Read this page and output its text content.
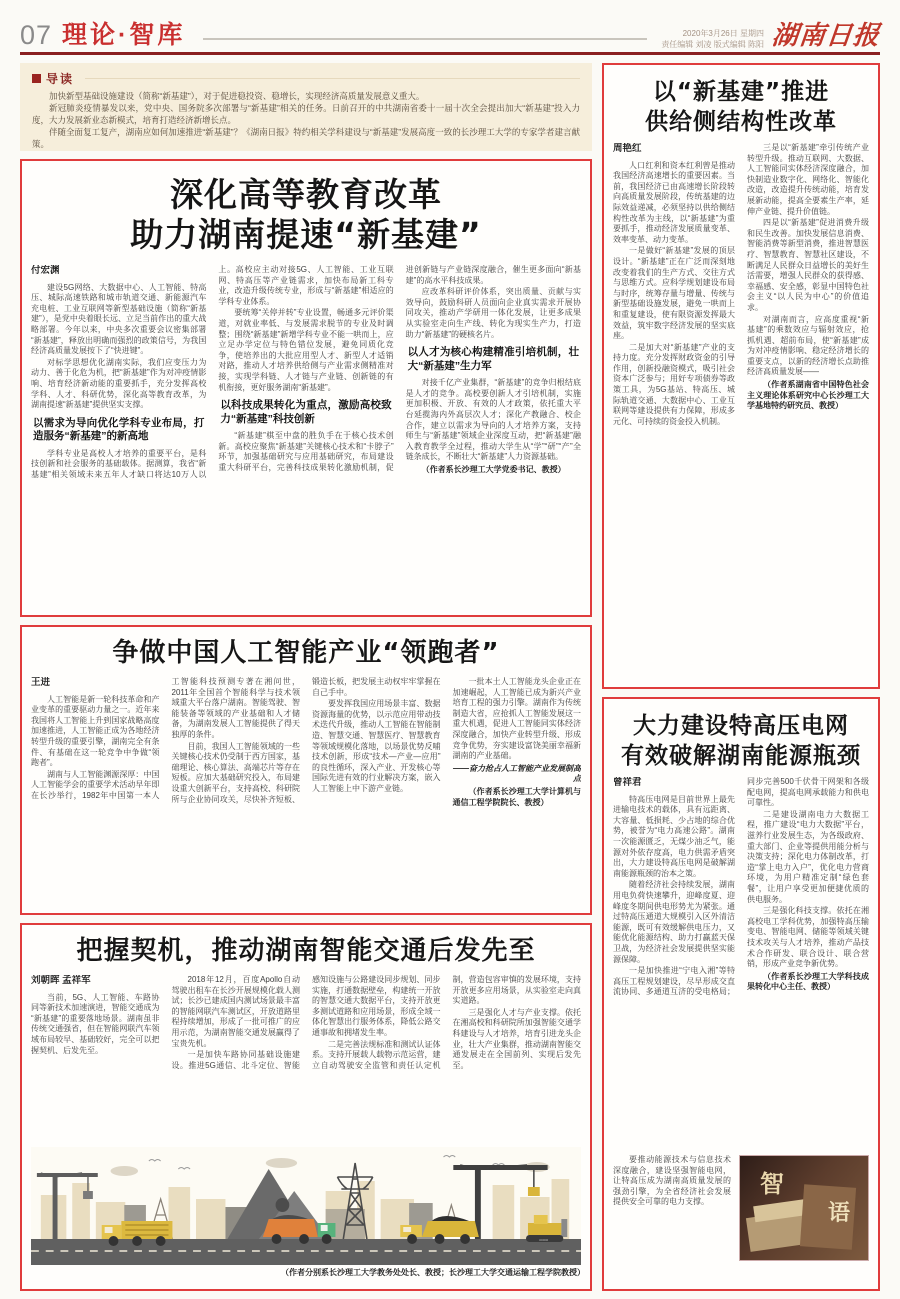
07 理论·智库	2020年3月26日 星期四
责任编辑 刘凌 版式编辑 陈阳 湖南日报
导读
加快新型基础设施建设（简称“新基建”），对于促进稳投资、稳增长，实现经济高质量发展意义重大。
新冠肺炎疫情暴发以来，党中央、国务院多次部署与“新基建”相关的任务。日前召开的中共湖南省委十一届十次全会提出加大“新基建”投入力度，大力发展新业态新模式，培育打造经济新增长点。
伴随全面复工复产，湖南应如何加速推进“新基建”？《湖南日报》特约相关学科建设与“新基建”发展高度一致的长沙理工大学的专家学者建言献策。
深化高等教育改革
助力湖南提速“新基建”
付宏渊
建设5G网络、大数据中心、人工智能、特高压、城际高速铁路和城市轨道交通、新能源汽车充电桩、工业互联网等新型基础设施（简称“新基建”），是党中央着眼长远、立足当前作出的重大战略部署。今年以来，中央多次重要会议密集部署“新基建”，释放出明确而强烈的政策信号，为我国经济高质量发展按下了“快进键”。
对标学思想优化湖南实际，我们应变压力为动力、善于化危为机，把“新基建”作为对冲疫情影响、培育经济新动能的重要抓手，充分发挥高校学科、人才、科研优势，深化高等教育改革，为湖南提速“新基建”提供坚实支撑。
以需求为导向优化学科专业布局，打造服务“新基建”的新高地
学科专业是高校人才培养的重要平台，是科技创新和社会服务的基础载体。据测算，我省“新基建”相关领域未来五年人才缺口将达10万人以上。高校应主动对接5G、人工智能、工业互联网、特高压等产业链需求，加快布局新工科专业，改造升级传统专业，形成与“新基建”相适应的学科专业体系。
要统筹“关停并转”专业设置，畅通多元评价渠道，对就业率低、与发展需求脱节的专业及时调整；围绕“新基建”新增学科专业不能一哄而上，应立足办学定位与特色错位发展，避免同质化竞争，使培养出的大批应用型人才、新型人才适销对路，推动人才培养供给侧与产业需求侧精准对接，实现学科链、人才链与产业链、创新链的有机衔接，更好服务湖南“新基建”。
以科技成果转化为重点，激励高校致力“新基建”科技创新
“新基建”棋至中盘的胜负手在于核心技术创新。高校应聚焦“新基建”关键核心技术和“卡脖子”环节，加强基础研究与应用基础研究，布局建设重大科研平台，完善科技成果转化激励机制，促进创新链与产业链深度融合，催生更多面向“新基建”的高水平科技成果。
应改革科研评价体系，突出质量、贡献与实效导向，鼓励科研人员面向企业真实需求开展协同攻关，推动产学研用一体化发展，让更多成果从实验室走向生产线、转化为现实生产力，打造助力“新基建”的硬核名片。
以人才为核心构建精准引培机制，壮大“新基建”生力军
对接千亿产业集群，“新基建”的竞争归根结底是人才的竞争。高校要创新人才引培机制，实施更加积极、开放、有效的人才政策，依托重大平台延揽海内外高层次人才；深化产教融合、校企合作，建立以需求为导向的人才培养方案，支持师生与“新基建”领域企业深度互动，把“新基建”融入教育教学全过程，推动大学生从“学”“研”“产”全链条成长，不断壮大“新基建”人力资源基础。
（作者系长沙理工大学党委书记、教授）
争做中国人工智能产业“领跑者”
王进
人工智能是新一轮科技革命和产业变革的重要驱动力量之一。近年来我国将人工智能上升到国家战略高度加速推进，人工智能正成为各地经济转型升级的重要引擎，湖南完全有条件、有基础在这一轮竞争中争做“领跑者”。
湖南与人工智能渊源深厚：中国人工智能学会的重要学术活动早年即在长沙举行，1982年中国第一本人工智能科技预测专著在湘问世，2011年全国首个智能科学与技术领域重大平台落户湖南。智能驾驶、智能装备等领域的产业基础和人才储备，为湖南发展人工智能提供了得天独厚的条件。
目前，我国人工智能领域的一些关键核心技术仍受制于西方国家，基础理论、核心算法、高端芯片等存在短板。应加大基础研究投入，布局建设重大创新平台，支持高校、科研院所与企业协同攻关，尽快补齐短板、锻造长板，把发展主动权牢牢掌握在自己手中。
要发挥我国应用场景丰富、数据资源海量的优势，以示范应用带动技术迭代升级，推动人工智能在智能制造、智慧交通、智慧医疗、智慧教育等领域规模化落地，以场景优势反哺技术创新，形成“技术—产业—应用”的良性循环，深入产业、开发核心等国际先进有效的行业解决方案，嵌入人工智能上中下游产业链。
一批本土人工智能龙头企业正在加速崛起，人工智能已成为新兴产业培育工程的强力引擎。湖南作为传统制造大省，应抢抓人工智能发展这一重大机遇，促进人工智能同实体经济深度融合，加快产业转型升级、形成竞争优势，夯实建设富饶美丽幸福新湖南的产业基础。
——奋力抢占人工智能产业发展制高点
（作者系长沙理工大学计算机与通信工程学院院长、教授）
把握契机，推动湖南智能交通后发先至
刘朝晖 孟祥军
当前，5G、人工智能、车路协同等新技术加速演进，智能交通成为“新基建”的重要落地场景。湖南虽非传统交通强省，但在智能网联汽车领域布局较早、基础较好，完全可以把握契机、后发先至。
2018年12月，百度Apollo自动驾驶出租车在长沙开展规模化载人测试；长沙已建成国内测试场景最丰富的智能网联汽车测试区，开放道路里程持续增加，形成了一批可推广的应用示范，为湖南智能交通发展赢得了宝贵先机。
一是加快车路协同基础设施建设。推进5G通信、北斗定位、智能感知设施与公路建设同步规划、同步实施，打通数据壁垒，构建统一开放的智慧交通大数据平台，支持开放更多测试道路和应用场景，形成全域一体化智慧出行服务体系，降低公路交通事故和拥堵发生率。
二是完善法规标准和测试认证体系。支持开展载人载物示范运营，建立自动驾驶安全监管和责任认定机制，营造包容审慎的发展环境，支持开放更多应用场景，从实验室走向真实道路。
三是强化人才与产业支撑。依托在湘高校和科研院所加强智能交通学科建设与人才培养，培育引进龙头企业，壮大产业集群，推动湖南智能交通发展走在全国前列、实现后发先至。
oooo
（作者分别系长沙理工大学教务处处长、教授；长沙理工大学交通运输工程学院教授）
以“新基建”推进
供给侧结构性改革
周艳红
人口红利和资本红利曾是推动我国经济高速增长的重要因素。当前，我国经济已由高速增长阶段转向高质量发展阶段，传统基建的边际效益递减，必须坚持以供给侧结构性改革为主线，以“新基建”为重要抓手，推动经济发展质量变革、效率变革、动力变革。
一是做好“新基建”发展的顶层设计。“新基建”正在广泛而深刻地改变着我们的生产方式、交往方式与思维方式。应科学规划建设布局与时序，统筹存量与增量、传统与新型基础设施发展，避免一哄而上和重复建设，使有限资源发挥最大效益，筑牢数字经济发展的坚实底座。
二是加大对“新基建”产业的支持力度。充分发挥财政资金的引导作用，创新投融资模式，吸引社会资本广泛参与；用好专项债券等政策工具，为5G基站、特高压、城际轨道交通、大数据中心、工业互联网等建设提供有力保障，形成多元化、可持续的资金投入机制。
三是以“新基建”牵引传统产业转型升级。推动互联网、大数据、人工智能同实体经济深度融合，加快制造业数字化、网络化、智能化改造，改造提升传统动能，培育发展新动能，提高全要素生产率，延伸产业链、提升价值链。
四是以“新基建”促进消费升级和民生改善。加快发展信息消费、智能消费等新型消费，推进智慧医疗、智慧教育、智慧社区建设，不断满足人民群众日益增长的美好生活需要，增强人民群众的获得感、幸福感、安全感，彰显中国特色社会主义“以人民为中心”的价值追求。
对湖南而言，应高度重视“新基建”的乘数效应与辐射效应，抢抓机遇、超前布局，使“新基建”成为对冲疫情影响、稳定经济增长的重要支点，以新的经济增长点助推经济高质量发展——
（作者系湖南省中国特色社会主义理论体系研究中心长沙理工大学基地特约研究员、教授）
大力建设特高压电网
有效破解湖南能源瓶颈
曾祥君
特高压电网是目前世界上最先进输电技术的载体，具有远距离、大容量、低损耗、少占地的综合优势，被誉为“电力高速公路”。湖南一次能源匮乏，无煤少油乏气，能源对外依存度高，电力供需矛盾突出，大力建设特高压电网是破解湖南能源瓶颈的治本之策。
随着经济社会持续发展，湖南用电负荷快速攀升，迎峰度夏、迎峰度冬期间供电形势尤为紧张。通过特高压通道大规模引入区外清洁能源，既可有效缓解供电压力，又能优化能源结构、助力打赢蓝天保卫战，为经济社会发展提供坚实能源保障。
一是加快推进“宁电入湘”等特高压工程规划建设，尽早形成交直流协同、多通道互济的受电格局；同步完善500千伏骨干网架和各级配电网，提高电网承载能力和供电可靠性。
二是建设湖南电力大数据工程，推广建设“电力大数据”平台，滋养行业发展生态，为各级政府、重大部门、企业等提供用能分析与决策支持；深化电力体制改革，打造“掌上电力入户”，优化电力营商环境，为用户精准定制“绿色套餐”，让用户享受更加便捷优质的供电服务。
三是强化科技支撑。依托在湘高校电工学科优势，加强特高压输变电、智能电网、储能等领域关键技术攻关与人才培养，推动产品技术合作研发、联合设计、联合营销，形成产业竞争新优势。
（作者系长沙理工大学科技成果转化中心主任、教授）
要推动能源技术与信息技术深度融合，建设坚强智能电网，让特高压成为湖南高质量发展的强劲引擎，为全省经济社会发展提供安全可靠的电力支撑。
智
语
